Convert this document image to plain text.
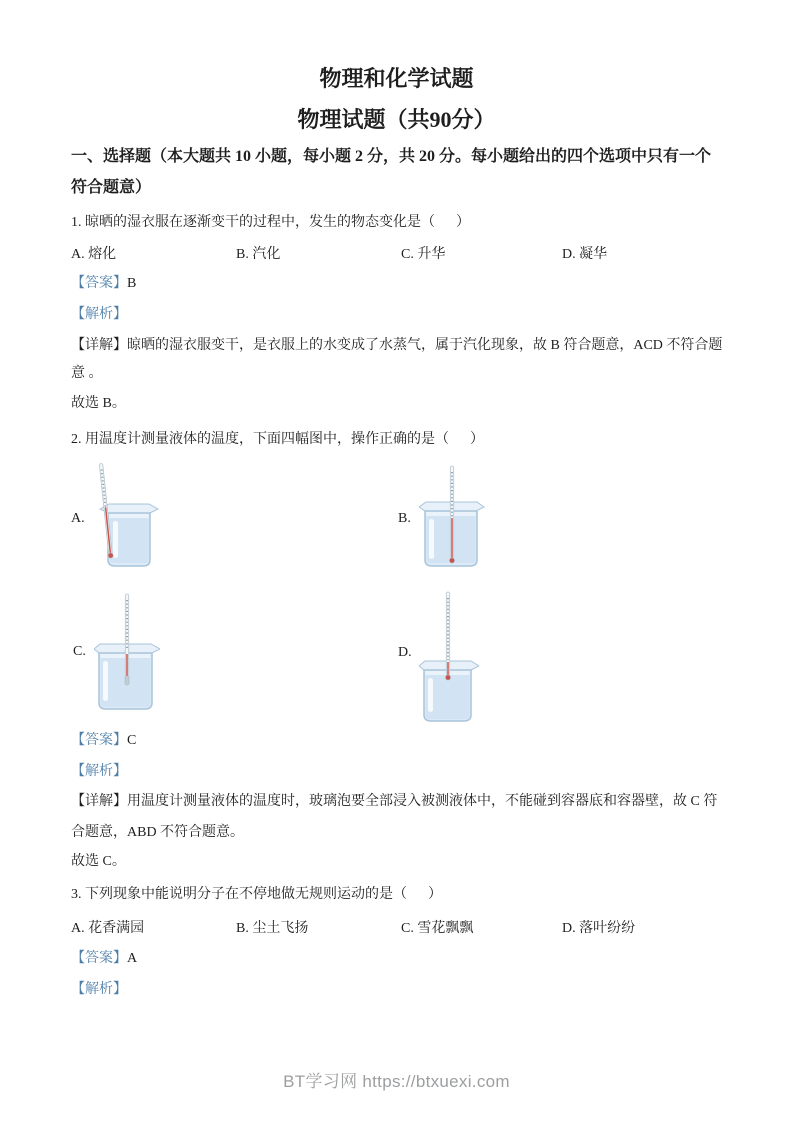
物理和化学试题
物理试题（共90分）
一、选择题（本大题共 10 小题，每小题 2 分，共 20 分。每小题给出的四个选项中只有一个
符合题意）
1. 晾晒的湿衣服在逐渐变干的过程中，发生的物态变化是（      ）
A. 熔化	B. 汽化	C. 升华	D. 凝华
【答案】B
【解析】
【详解】晾晒的湿衣服变干，是衣服上的水变成了水蒸气，属于汽化现象，故 B 符合题意，ACD 不符合题
意 。
故选 B。
2. 用温度计测量液体的温度，下面四幅图中，操作正确的是（      ）
A.	B.
C.	D.
【答案】C
【解析】
【详解】用温度计测量液体的温度时，玻璃泡要全部浸入被测液体中，不能碰到容器底和容器壁，故 C 符
合题意，ABD 不符合题意。
故选 C。
3. 下列现象中能说明分子在不停地做无规则运动的是（      ）
A. 花香满园	B. 尘土飞扬	C. 雪花飘飘	D. 落叶纷纷
【答案】A
【解析】
BT学习网 https://btxuexi.com
